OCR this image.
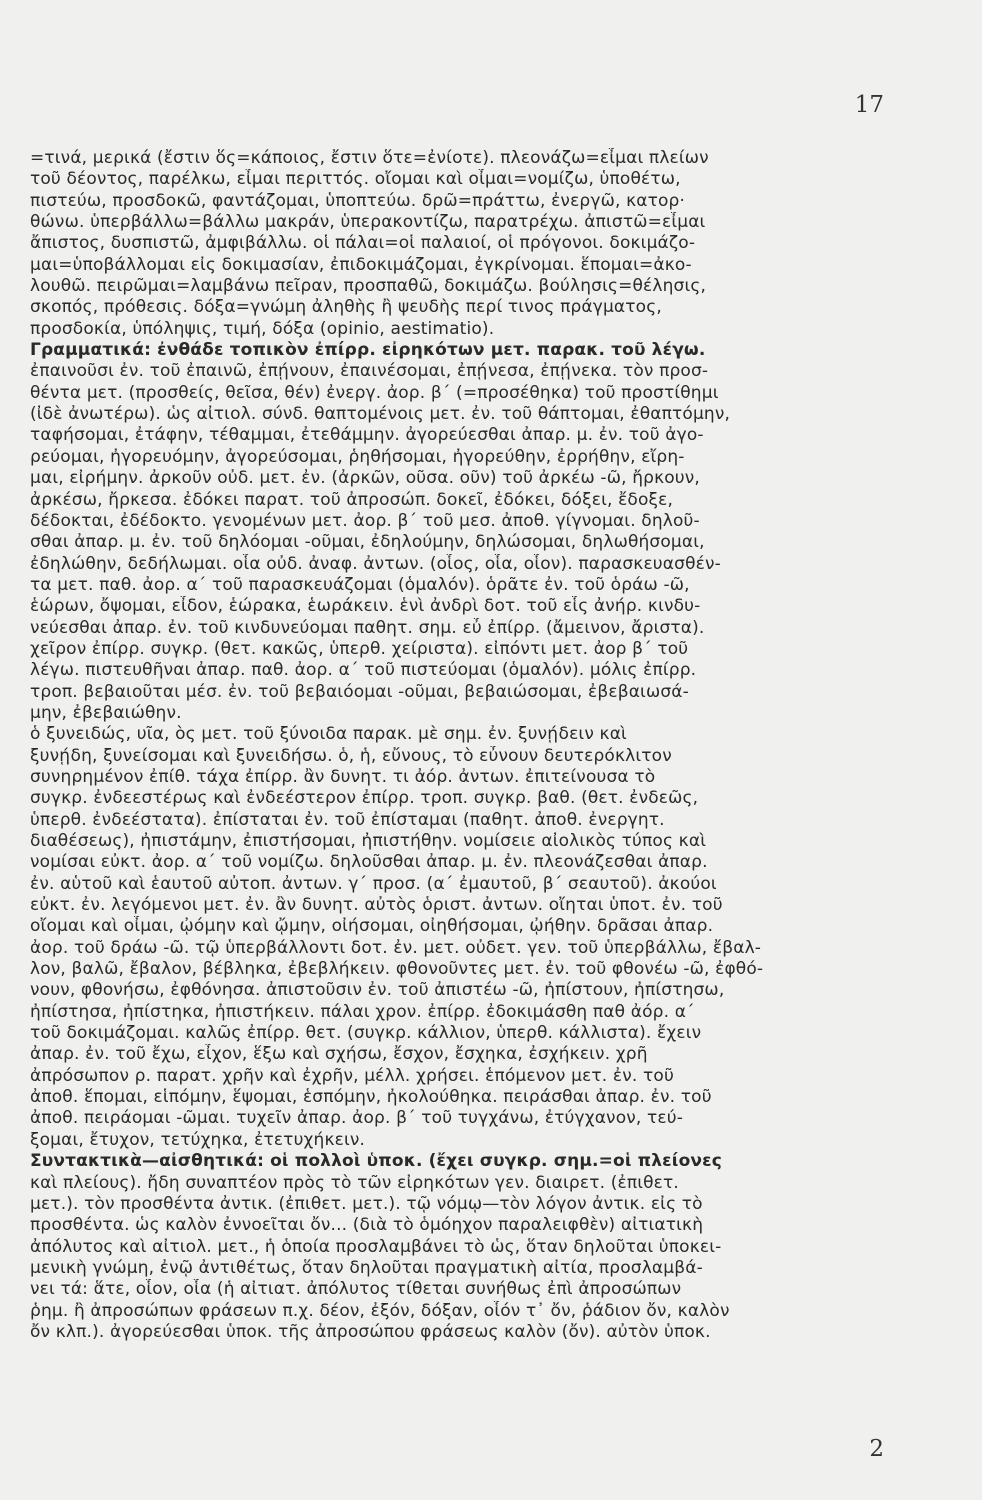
17
=τινά, μερικά (ἔστιν ὅς=κάποιος, ἔστιν ὅτε=ἐνίοτε). πλεονάζω=εἶμαι πλείων
τοῦ δέοντος, παρέλκω, εἶμαι περιττός. οἴομαι καὶ οἶμαι=νομίζω, ὑποθέτω,
πιστεύω, προσδοκῶ, φαντάζομαι, ὑποπτεύω. δρῶ=πράττω, ἐνεργῶ, κατορ·
θώνω. ὑπερβάλλω=βάλλω μακράν, ὑπερακοντίζω, παρατρέχω. ἀπιστῶ=εἶμαι
ἄπιστος, δυσπιστῶ, ἀμφιβάλλω. οἱ πάλαι=οἱ παλαιοί, οἱ πρόγονοι. δοκιμάζο-
μαι=ὑποβάλλομαι εἰς δοκιμασίαν, ἐπιδοκιμάζομαι, ἐγκρίνομαι. ἕπομαι=ἀκο-
λουθῶ. πειρῶμαι=λαμβάνω πεῖραν, προσπαθῶ, δοκιμάζω. βούλησις=θέλησις,
σκοπός, πρόθεσις. δόξα=γνώμη ἀληθὴς ἢ ψευδὴς περί τινος πράγματος,
προσδοκία, ὑπόληψις, τιμή, δόξα (opinio, aestimatio).
Γραμματικά: ἐνθάδε τοπικὸν ἐπίρρ. εἰρηκότων μετ. παρακ. τοῦ λέγω.
ἐπαινοῦσι ἐν. τοῦ ἐπαινῶ, ἐπῄνουν, ἐπαινέσομαι, ἐπῄνεσα, ἐπῄνεκα. τὸν προσ-
θέντα μετ. (προσθείς, θεῖσα, θέν) ἐνεργ. ἀορ. β΄ (=προσέθηκα) τοῦ προστίθημι
(ἰδὲ ἀνωτέρω). ὡς αἰτιολ. σύνδ. θαπτομένοις μετ. ἐν. τοῦ θάπτομαι, ἐθαπτόμην,
ταφήσομαι, ἐτάφην, τέθαμμαι, ἐτεθάμμην. ἀγορεύεσθαι ἀπαρ. μ. ἐν. τοῦ ἀγο-
ρεύομαι, ἠγορευόμην, ἀγορεύσομαι, ῥηθήσομαι, ἠγορεύθην, ἐρρήθην, εἴρη-
μαι, εἰρήμην. ἀρκοῦν οὐδ. μετ. ἐν. (ἀρκῶν, οῦσα. οῦν) τοῦ ἀρκέω -ῶ, ἤρκουν,
ἀρκέσω, ἤρκεσα. ἐδόκει παρατ. τοῦ ἀπροσώπ. δοκεῖ, ἐδόκει, δόξει, ἔδοξε,
δέδοκται, ἐδέδοκτο. γενομένων μετ. ἀορ. β΄ τοῦ μεσ. ἀποθ. γίγνομαι. δηλοῦ-
σθαι ἀπαρ. μ. ἐν. τοῦ δηλόομαι -οῦμαι, ἐδηλούμην, δηλώσομαι, δηλωθήσομαι,
ἐδηλώθην, δεδήλωμαι. οἷα οὐδ. ἀναφ. ἀντων. (οἷος, οἷα, οἷον). παρασκευασθέν-
τα μετ. παθ. ἀορ. α΄ τοῦ παρασκευάζομαι (ὁμαλόν). ὁρᾶτε ἐν. τοῦ ὁράω -ῶ,
ἑώρων, ὄψομαι, εἶδον, ἑώρακα, ἑωράκειν. ἑνὶ ἀνδρὶ δοτ. τοῦ εἷς ἀνήρ. κινδυ-
νεύεσθαι ἀπαρ. ἐν. τοῦ κινδυνεύομαι παθητ. σημ. εὖ ἐπίρρ. (ἄμεινον, ἄριστα).
χεῖρον ἐπίρρ. συγκρ. (θετ. κακῶς, ὑπερθ. χείριστα). εἰπόντι μετ. ἀορ β΄ τοῦ
λέγω. πιστευθῆναι ἀπαρ. παθ. ἀορ. α΄ τοῦ πιστεύομαι (ὁμαλόν). μόλις ἐπίρρ.
τροπ. βεβαιοῦται μέσ. ἐν. τοῦ βεβαιόομαι -οῦμαι, βεβαιώσομαι, ἐβεβαιωσά-
μην, ἐβεβαιώθην.
ὁ ξυνειδώς, υῖα, ὸς μετ. τοῦ ξύνοιδα παρακ. μὲ σημ. ἐν. ξυνῄδειν καὶ
ξυνῄδη, ξυνείσομαι καὶ ξυνειδήσω. ὁ, ἡ, εὔνους, τὸ εὖνουν δευτερόκλιτον
συνηρημένον ἐπίθ. τάχα ἐπίρρ. ἂν δυνητ. τι ἀόρ. ἀντων. ἐπιτείνουσα τὸ
συγκρ. ἐνδεεστέρως καὶ ἐνδεέστερον ἐπίρρ. τροπ. συγκρ. βαθ. (θετ. ἐνδεῶς,
ὑπερθ. ἐνδεέστατα). ἐπίσταται ἐν. τοῦ ἐπίσταμαι (παθητ. ἀποθ. ἐνεργητ.
διαθέσεως), ἠπιστάμην, ἐπιστήσομαι, ἠπιστήθην. νομίσειε αἰολικὸς τύπος καὶ
νομίσαι εὐκτ. ἀορ. α΄ τοῦ νομίζω. δηλοῦσθαι ἀπαρ. μ. ἐν. πλεονάζεσθαι ἀπαρ.
ἐν. αὑτοῦ καὶ ἑαυτοῦ αὐτοπ. ἀντων. γ΄ προσ. (α΄ ἐμαυτοῦ, β΄ σεαυτοῦ). ἀκούοι
εὐκτ. ἐν. λεγόμενοι μετ. ἐν. ἂν δυνητ. αὐτὸς ὁριστ. ἀντων. οἴηται ὑποτ. ἐν. τοῦ
οἴομαι καὶ οἶμαι, ᾠόμην καὶ ᾤμην, οἰήσομαι, οἰηθήσομαι, ᾠήθην. δρᾶσαι ἀπαρ.
ἀορ. τοῦ δράω -ῶ. τῷ ὑπερβάλλοντι δοτ. ἐν. μετ. οὐδετ. γεν. τοῦ ὑπερβάλλω, ἔβαλ-
λον, βαλῶ, ἔβαλον, βέβληκα, ἐβεβλήκειν. φθονοῦντες μετ. ἐν. τοῦ φθονέω -ῶ, ἐφθό-
νουν, φθονήσω, ἐφθόνησα. ἀπιστοῦσιν ἐν. τοῦ ἀπιστέω -ῶ, ἠπίστουν, ἠπίστησω,
ἠπίστησα, ἠπίστηκα, ἠπιστήκειν. πάλαι χρον. ἐπίρρ. ἐδοκιμάσθη παθ ἀόρ. α΄
τοῦ δοκιμάζομαι. καλῶς ἐπίρρ. θετ. (συγκρ. κάλλιον, ὑπερθ. κάλλιστα). ἔχειν
ἀπαρ. ἐν. τοῦ ἔχω, εἶχον, ἕξω καὶ σχήσω, ἔσχον, ἔσχηκα, ἐσχήκειν. χρῆ
ἀπρόσωπον ρ. παρατ. χρῆν καὶ ἐχρῆν, μέλλ. χρήσει. ἑπόμενον μετ. ἐν. τοῦ
ἀποθ. ἕπομαι, εἱπόμην, ἕψομαι, ἑσπόμην, ἠκολούθηκα. πειράσθαι ἀπαρ. ἐν. τοῦ
ἀποθ. πειράομαι -ῶμαι. τυχεῖν ἀπαρ. ἀορ. β΄ τοῦ τυγχάνω, ἐτύγχανον, τεύ-
ξομαι, ἔτυχον, τετύχηκα, ἐτετυχήκειν.
Συντακτικὰ—αἰσθητικά: οἱ πολλοὶ ὑποκ. (ἔχει συγκρ. σημ.=οἱ πλείονες
καὶ πλείους). ἤδη συναπτέον πρὸς τὸ τῶν εἰρηκότων γεν. διαιρετ. (ἐπιθετ.
μετ.). τὸν προσθέντα ἀντικ. (ἐπιθετ. μετ.). τῷ νόμῳ—τὸν λόγον ἀντικ. εἰς τὸ
προσθέντα. ὡς καλὸν ἐννοεῖται ὄν... (διὰ τὸ ὁμόηχον παραλειφθὲν) αἰτιατικὴ
ἀπόλυτος καὶ αἰτιολ. μετ., ἡ ὁποία προσλαμβάνει τὸ ὡς, ὅταν δηλοῦται ὑποκει-
μενικὴ γνώμη, ἐνῷ ἀντιθέτως, ὅταν δηλοῦται πραγματικὴ αἰτία, προσλαμβά-
νει τά: ἅτε, οἷον, οἷα (ἡ αἰτιατ. ἀπόλυτος τίθεται συνήθως ἐπὶ ἀπροσώπων
ῥημ. ἢ ἀπροσώπων φράσεων π.χ. δέον, ἐξόν, δόξαν, οἷόν τ᾿ ὄν, ῥάδιον ὄν, καλὸν
ὄν κλπ.). ἀγορεύεσθαι ὑποκ. τῆς ἀπροσώπου φράσεως καλὸν (ὄν). αὐτὸν ὑποκ.
2
